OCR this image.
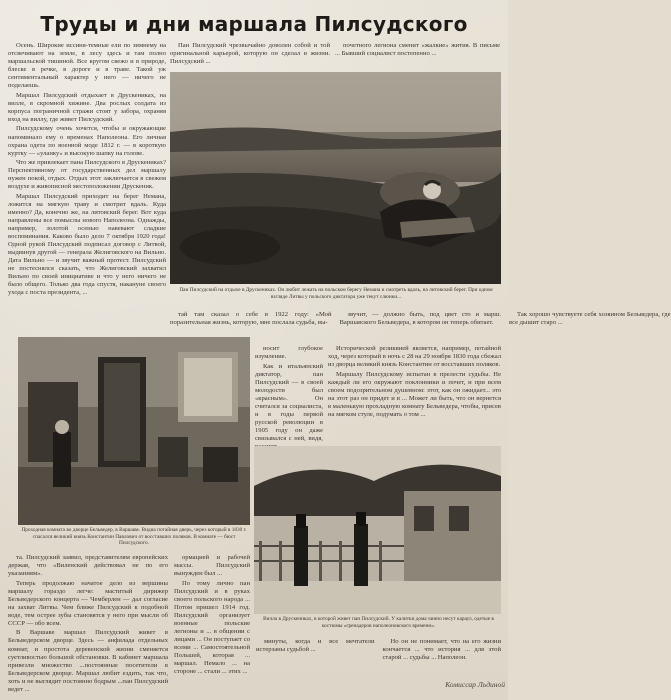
Труды и дни маршала Пилсудского

Осень. Широкие иссиня-темные ели по зимнему на отсвечивают на земле, в лесу здесь и там полно маршальской тишиной. Все кругом свежо и в природе, блеске в речке, в дороге и в траве. Такой уж сентиментальный характер у него — ничего не поделаешь.

Маршал Пилсудский отдыхает в Друскениках, на вилле, в скромной хижине. Два рослых солдата из корпуса пограничной стражи стоят у забора, охраняя вход на виллу, где живет Пилсудский.

Пилсудскому очень хочется, чтобы и окружающие напоминало ему о временах Наполеона. Его личная охрана одета по военной моде 1812 г. — в короткую куртку — «уланку» и высокую шапку на голове.

Что же привлекает пана Пилсудского в Друскениках? Перспективному от государственных дел маршалу нужен покой, отдых. Отдых этот заключается в свежем воздухе и живописной местоположении Друскеник.

Маршал Пилсудский приходит на берег Немана, ложится на мягкую траву и смотрит вдаль. Куда именно? Да, конечно же, на литовский берег. Вот куда направлены все помыслы нового Наполеона. Однажды, например, золотой осенью навевают сладкие воспоминания. Каково было дело 7 октября 1920 года! Одной рукой Пилсудский подписал договор с Литвой, выдвинув другой — генерала Желиговского на Вильно. Дата Вильно — и звучит важный протест. Пилсудский не постеснялся сказать, что Желиговский захватил Вильно по своей инициативе и что у него ничего не было общего. Только два года спустя, накануне своего ухода с поста президента, ...

Пан Пилсудский чрезвычайно доволен собой и той оригинальной карьерой, которую он сделал в жизни. Пилсудский ...

почетного легиона сменит «жалкие» жития. В письме ... Бывший социалист постепенно ...

Пан Пилсудский на отдыхе в Друскениках. Он любит лежать на польском берегу Немана и смотреть вдаль, на литовский берег. При одном взгляде Литвы у польского диктатора уже текут слюнки...

тай там сказал о себе в 1922 году: «Мой поразительная жизнь, которую, мне послала судьба, вы-

звучит, — должно быть, под цвет сто и марш. Варшавского Бельведера, в котором он теперь обитает.

Так хорошо чувствуете себя хозяином Бельведера, где все дышит старо ...

Проходная комната во дворце Бельведер, в Варшаве. Видна потайная дверь, через который в 1830 г. спасался великий князь Константин Павлович от восставших поляков. В комнате — бюст Пилсудского.

носит глубокое изумление.

Как и итальянский диктатор, пан Пилсудский — в своей молодости был «красным». Он считался за социалиста, и в годы первой русской революции в 1905 году он даже связывался с ней, видя,

Исторической реликвией является, например, потайной ход, через который в ночь с 28 на 29 ноября 1830 года сбежал из дворца великий князь Константин от восставших поляков.

Маршалу Пилсудскому испытан в прелести судьбы. Не каждый ли его окружают поклонники и почет, и при всем своем подозрительном душевном: этот, как он ожидает... это на этот раз он придет и в ... Может ли быть, что он вернется в маленькую прохладную комнату Бельведера, чтобы, присев на мягком стуле, подумать о том ...

Вилла в Друскениках, в которой живет пан Пилсудский. У калитки дома чинно несут караул, одетые в костюмы «гренадеров наполеоновского времени».

та. Пилсудский заявил, представителям европейских держав, что «Виленский действовал не по его указаниям».

Теперь продолжаю начатое дело из вершины маршалу гораздо легче: маститый дирижер Бельведерского концерта — Чемберлен — дал согласие на захват Литвы. Чем ближе Пилсудский к подобной воде, тем острее зубы становятся у него при мысли об СССР — обо всем.

В Варшаве маршал Пилсудский живет в Бельведерском дворце. Здесь — анфилада отдельных комнат, и простота деревенской жизни сменяется суетливостью большой обстановки. В кабинет маршала привезли множество ...постоянные посетители в Бельведерском дворце. Маршал любит ездить, так что, хоть и не выглядит постоянно бодрым ...пан Пилсудский ведет ...

ормацией и рабочей массы. Пилсудский вынужден был ...

По тому лично пан Пилсудский и в руках своего польского народа ... Потом пришел 1914 год. Пилсудский организует военные польские легионы и ... в общении с лицами ... Он поступает со всеми ... Самостоятельной Польшей, которая ... маршал. Немало ... на стороне ... стали ... этих ...

минуты, когда и все мечтатели истерзаны судьбой ...

Но он не понимает, что на его жизни кончается ... что история ... для этой старой ... судьбы ... Наполеон.

Комиссар Льдиной
